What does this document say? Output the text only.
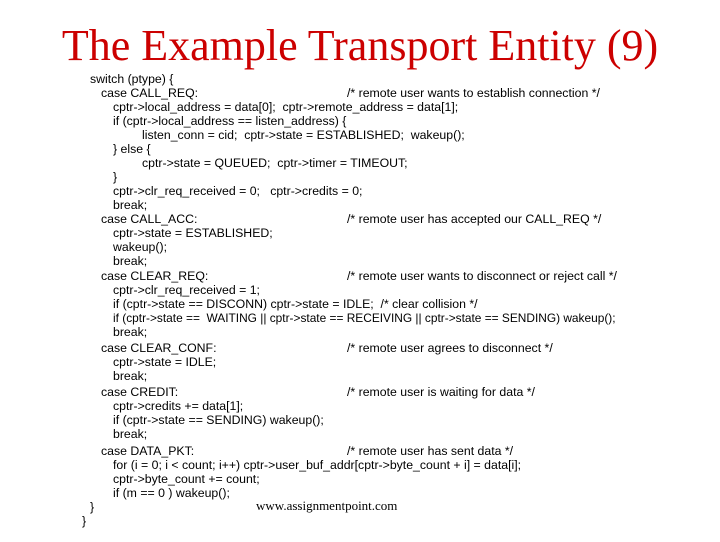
The Example Transport Entity (9)
switch (ptype) {
case CALL_REQ:
cptr->local_address = data[0];  cptr->remote_address = data[1];
if (cptr->local_address == listen_address) {
listen_conn = cid;  cptr->state = ESTABLISHED;  wakeup();
} else {
cptr->state = QUEUED;  cptr->timer = TIMEOUT;
}
cptr->clr_req_received = 0;   cptr->credits = 0;
break;
case CALL_ACC:
cptr->state = ESTABLISHED;
wakeup();
break;
case CLEAR_REQ:
cptr->clr_req_received = 1;
if (cptr->state == DISCONN) cptr->state = IDLE;  /* clear collision */
if (cptr->state ==  WAITING || cptr->state == RECEIVING || cptr->state == SENDING) wakeup();
break;
case CLEAR_CONF:
cptr->state = IDLE;
break;
case CREDIT:
cptr->credits += data[1];
if (cptr->state == SENDING) wakeup();
break;
case DATA_PKT:
for (i = 0; i < count; i++) cptr->user_buf_addr[cptr->byte_count + i] = data[i];
cptr->byte_count += count;
if (m == 0 ) wakeup();
}
}
/* remote user wants to establish connection */
/* remote user has accepted our CALL_REQ */
/* remote user wants to disconnect or reject call */
/* remote user agrees to disconnect */
/* remote user is waiting for data */
/* remote user has sent data */
www.assignmentpoint.com
